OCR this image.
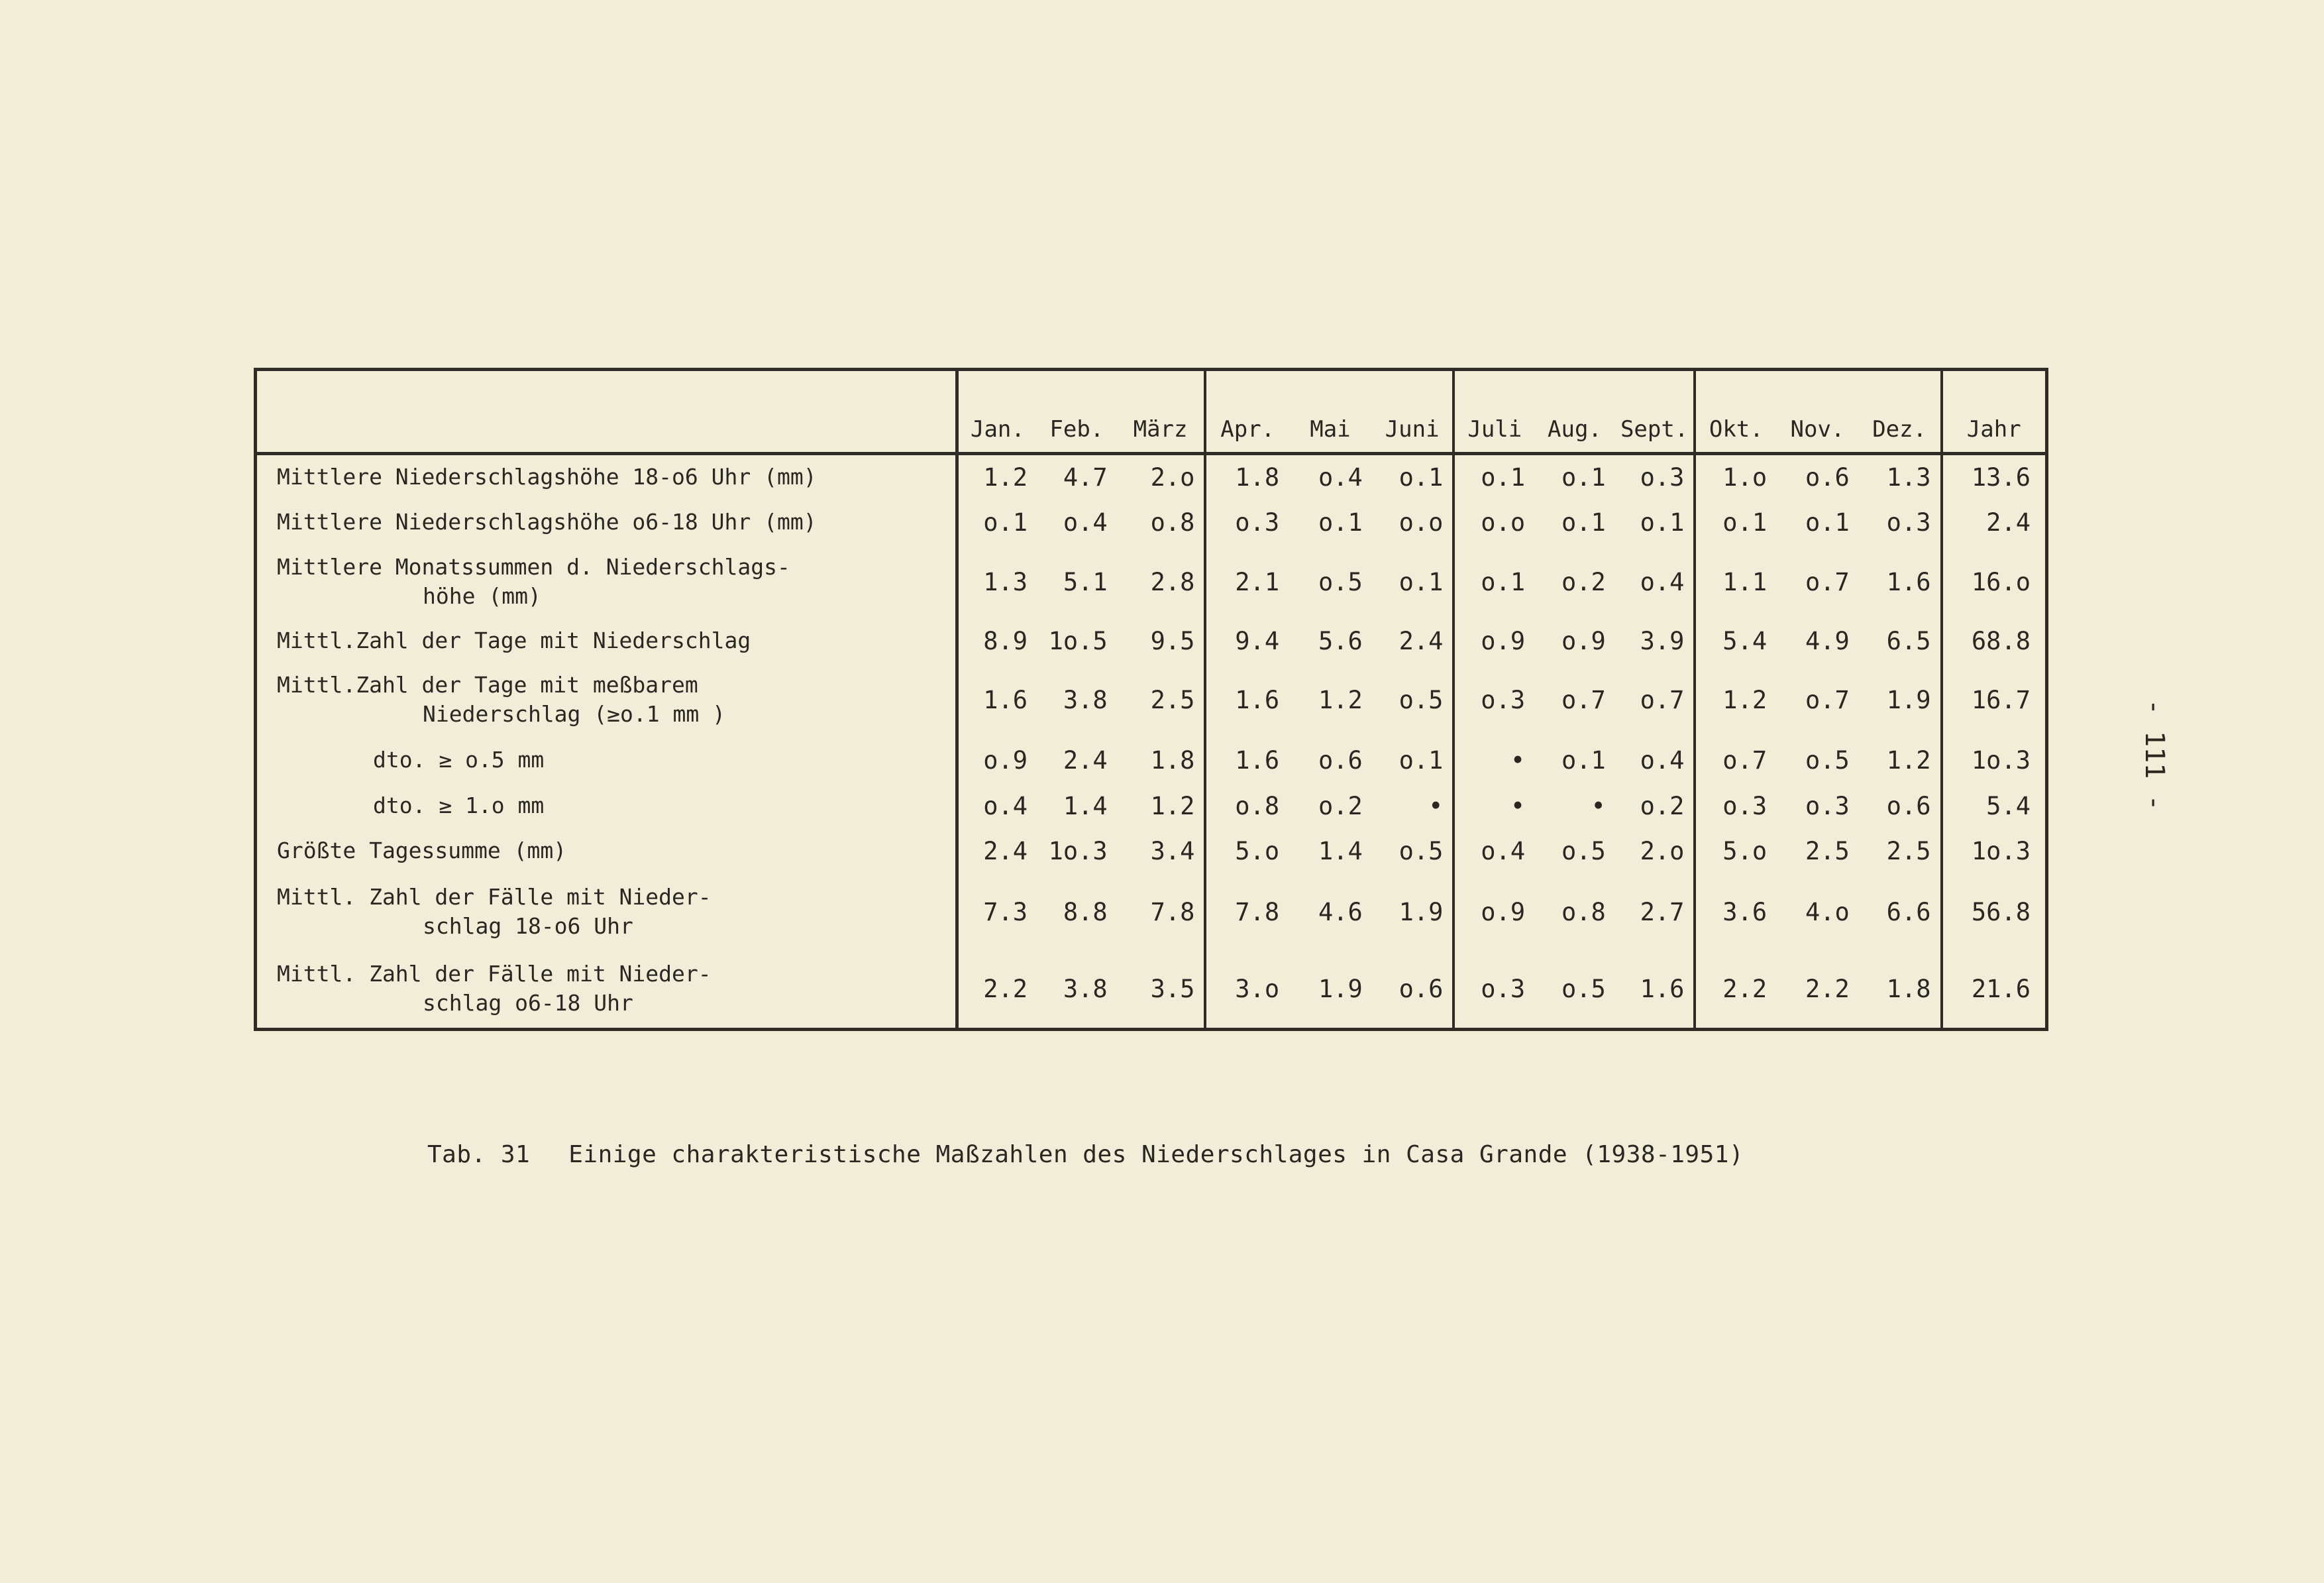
	Jan.	Feb.	März	Apr.	Mai	Juni	Juli	Aug.	Sept.	Okt.	Nov.	Dez.	Jahr
Mittlere Niederschlagshöhe 18-o6 Uhr (mm)	1.2	4.7	2.o	1.8	o.4	o.1	o.1	o.1	o.3	1.o	o.6	1.3	13.6
Mittlere Niederschlagshöhe o6-18 Uhr (mm)	o.1	o.4	o.8	o.3	o.1	o.o	o.o	o.1	o.1	o.1	o.1	o.3	2.4
Mittlere Monatssummen d. Niederschlags-
höhe (mm)	1.3	5.1	2.8	2.1	o.5	o.1	o.1	o.2	o.4	1.1	o.7	1.6	16.o
Mittl.Zahl der Tage mit Niederschlag	8.9	1o.5	9.5	9.4	5.6	2.4	o.9	o.9	3.9	5.4	4.9	6.5	68.8
Mittl.Zahl der Tage mit meßbarem
Niederschlag (≥o.1 mm )	1.6	3.8	2.5	1.6	1.2	o.5	o.3	o.7	o.7	1.2	o.7	1.9	16.7
dto. ≥ o.5 mm	o.9	2.4	1.8	1.6	o.6	o.1	•	o.1	o.4	o.7	o.5	1.2	1o.3
dto. ≥ 1.o mm	o.4	1.4	1.2	o.8	o.2	•	•	•	o.2	o.3	o.3	o.6	5.4
Größte Tagessumme (mm)	2.4	1o.3	3.4	5.o	1.4	o.5	o.4	o.5	2.o	5.o	2.5	2.5	1o.3
Mittl. Zahl der Fälle mit Nieder-
schlag 18-o6 Uhr	7.3	8.8	7.8	7.8	4.6	1.9	o.9	o.8	2.7	3.6	4.o	6.6	56.8
Mittl. Zahl der Fälle mit Nieder-
schlag o6-18 Uhr	2.2	3.8	3.5	3.o	1.9	o.6	o.3	o.5	1.6	2.2	2.2	1.8	21.6
Tab. 31 Einige charakteristische Maßzahlen des Niederschlages in Casa Grande (1938-1951)
- 111 -
